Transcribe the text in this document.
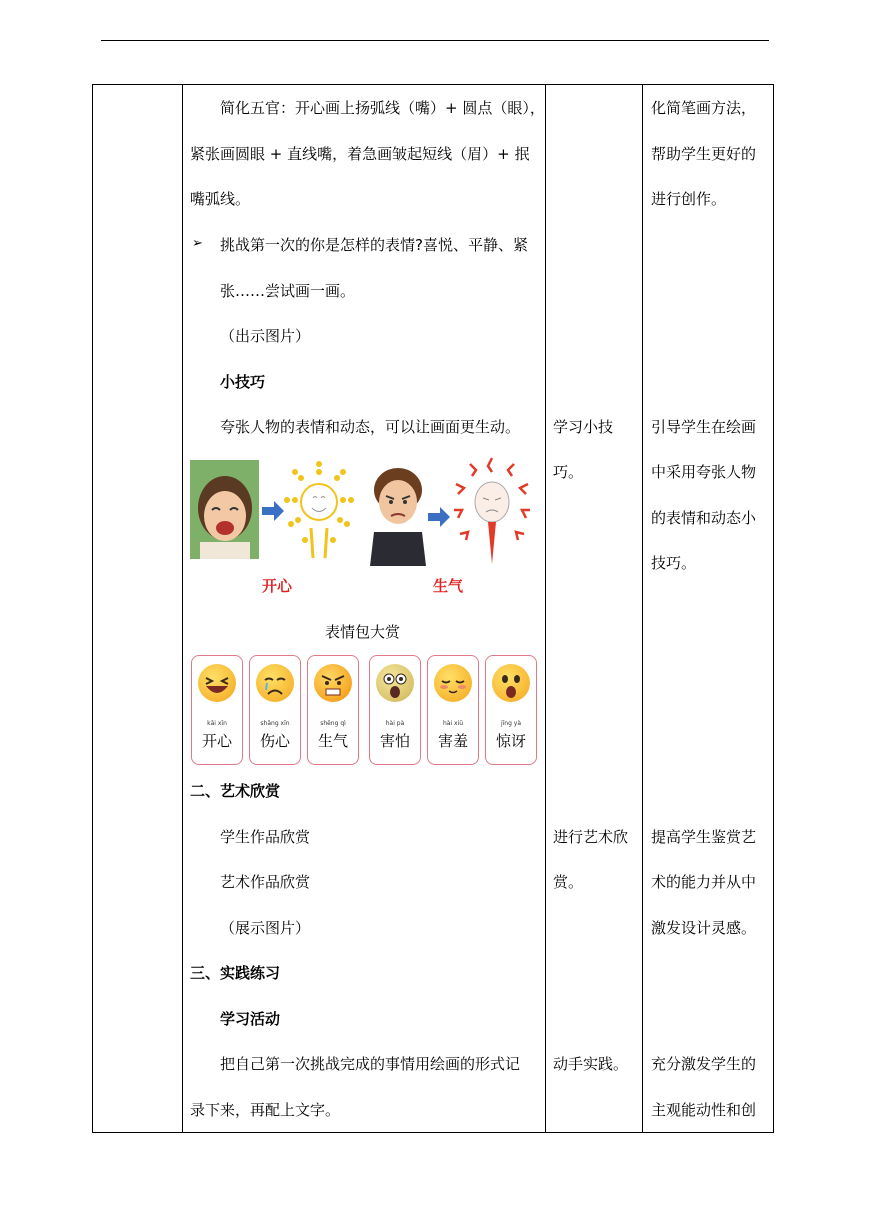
简化五官：开心画上扬弧线（嘴）+ 圆点（眼），
紧张画圆眼 + 直线嘴，着急画皱起短线（眉）+ 抿
嘴弧线。
➢ 挑战第一次的你是怎样的表情?喜悦、平静、紧
张……尝试画一画。
（出示图片）
小技巧
夸张人物的表情和动态，可以让画面更生动。
开心	生气
表情包大赏
kāi xīn
开心
shāng xīn
伤心
shēng qì
生气
hài pà
害怕
hài xiū
害羞
jīng yà
惊讶
二、艺术欣赏
学生作品欣赏
艺术作品欣赏
（展示图片）
三、实践练习
学习活动
把自己第一次挑战完成的事情用绘画的形式记
录下来，再配上文字。
学习小技
巧。
进行艺术欣
赏。
动手实践。
化简笔画方法，
帮助学生更好的
进行创作。
引导学生在绘画
中采用夸张人物
的表情和动态小
技巧。
提高学生鉴赏艺
术的能力并从中
激发设计灵感。
充分激发学生的
主观能动性和创
